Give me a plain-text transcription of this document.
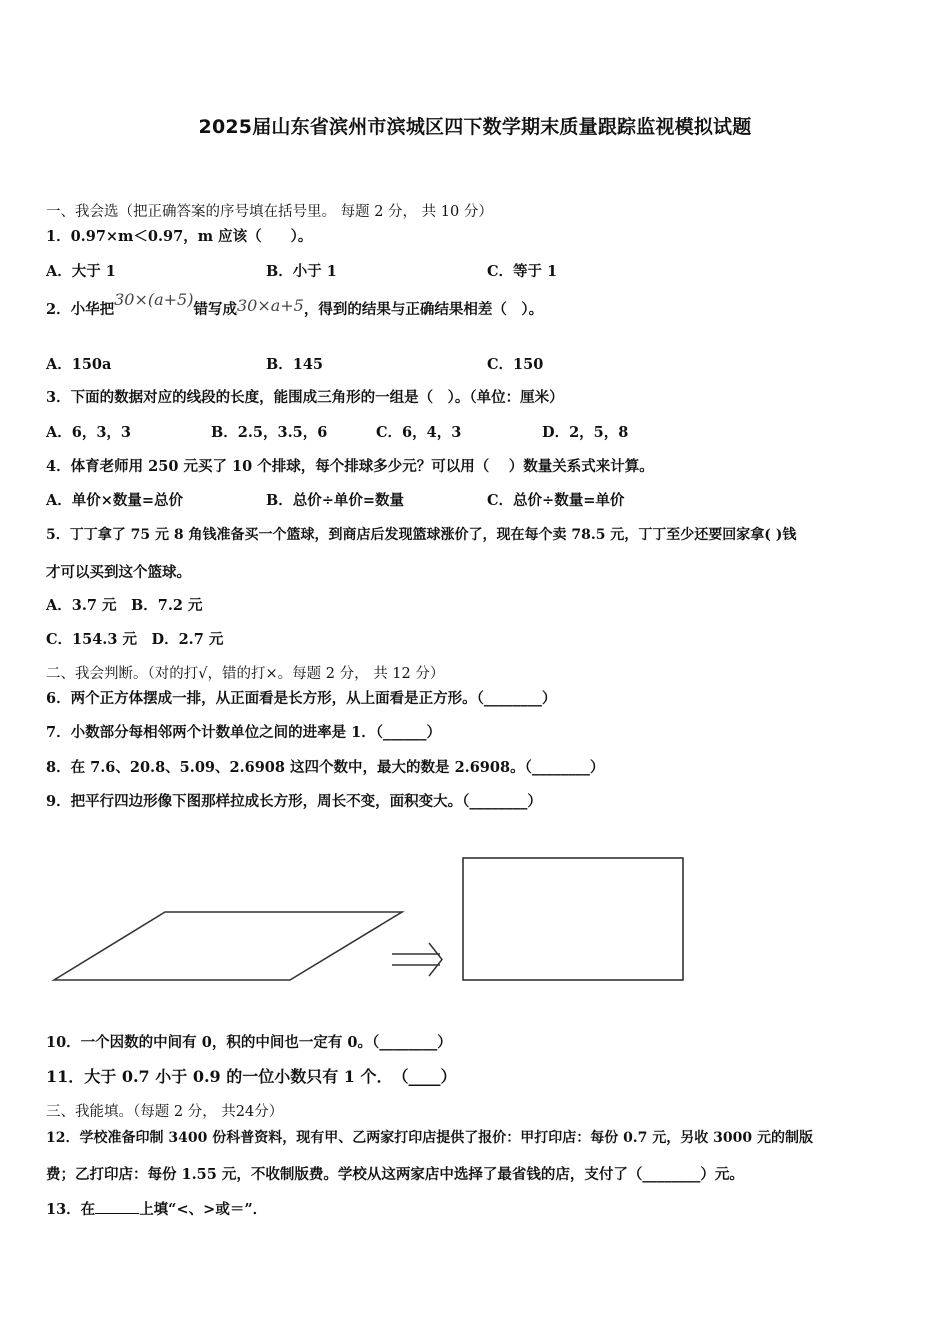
2025届山东省滨州市滨城区四下数学期末质量跟踪监视模拟试题
一、我会选（把正确答案的序号填在括号里。 每题 2 分， 共 10 分）
1．0.97×m＜0.97，m 应该（　　）。
A．大于 1	B．小于 1	C．等于 1
2．小华把30×(a+5)错写成30×a+5，得到的结果与正确结果相差（　）。
A．150a	B．145	C．150
3．下面的数据对应的线段的长度，能围成三角形的一组是（　）。（单位：厘米）
A．6，3，3	B．2.5，3.5，6	C．6，4，3	D．2，5，8
4．体育老师用 250 元买了 10 个排球，每个排球多少元？可以用（　 ）数量关系式来计算。
A．单价×数量=总价	B．总价÷单价=数量	C．总价÷数量=单价
5．丁丁拿了 75 元 8 角钱准备买一个篮球，到商店后发现篮球涨价了，现在每个卖 78.5 元，丁丁至少还要回家拿( )钱
才可以买到这个篮球。
A．3.7 元　B．7.2 元
C．154.3 元　D．2.7 元
二、我会判断。（对的打√，错的打×。每题 2 分， 共 12 分）
6．两个正方体摆成一排，从正面看是长方形，从上面看是正方形。（________）
7．小数部分每相邻两个计数单位之间的进率是 1．（______）
8．在 7.6、20.8、5.09、2.6908 这四个数中，最大的数是 2.6908。（________）
9．把平行四边形像下图那样拉成长方形，周长不变，面积变大。（________）
10．一个因数的中间有 0，积的中间也一定有 0。（________）
11．大于 0.7 小于 0.9 的一位小数只有 1 个．　（____）
三、我能填。（每题 2 分， 共24分）
12．学校准备印制 3400 份科普资料，现有甲、乙两家打印店提供了报价：甲打印店：每份 0.7 元，另收 3000 元的制版
费；乙打印店：每份 1.55 元，不收制版费。学校从这两家店中选择了最省钱的店，支付了（________）元。
13．在	上填“<、>或＝”．
